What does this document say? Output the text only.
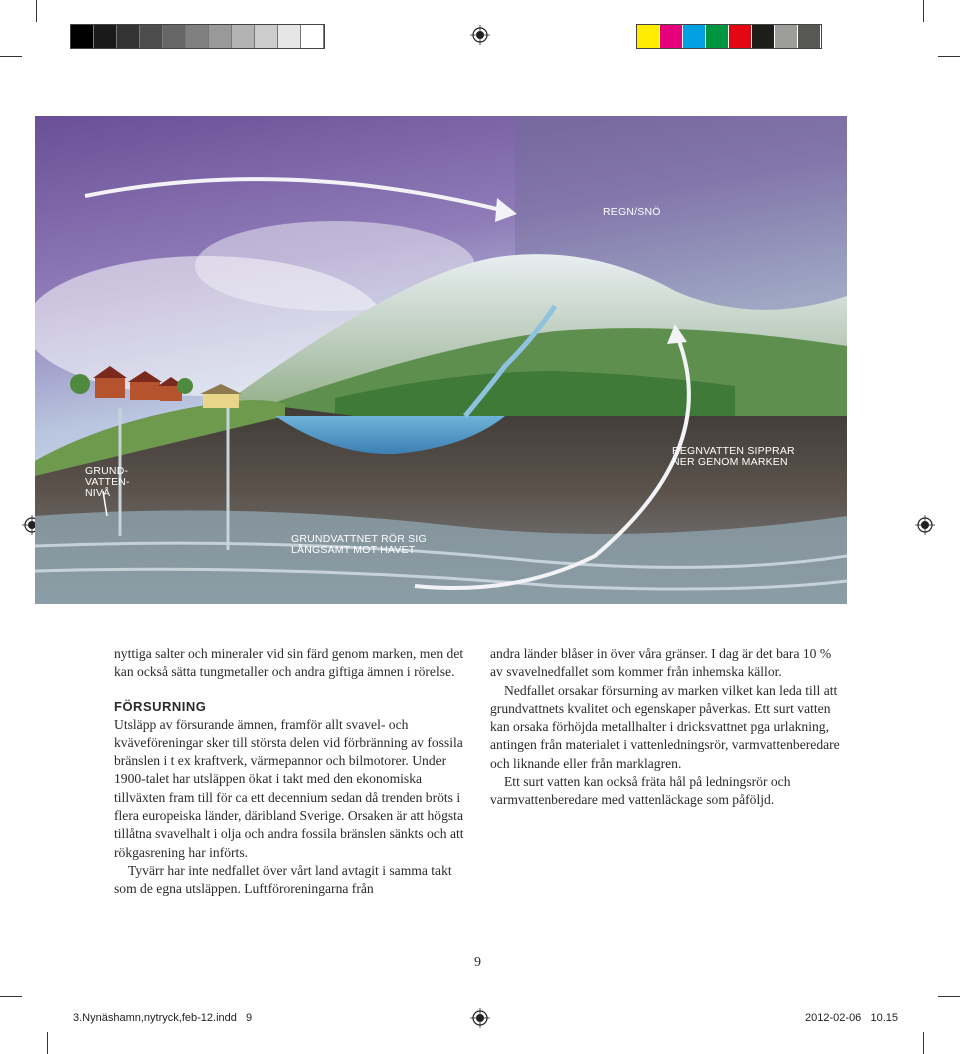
REGN/SNÖ
GRUND-
VATTEN-
NIVÅ
REGNVATTEN SIPPRAR
NER GENOM MARKEN
GRUNDVATTNET RÖR SIG
LÅNGSAMT MOT HAVET

nyttiga salter och mineraler vid sin färd genom marken, men det kan också sätta tungmetaller och andra giftiga ämnen i rörelse.

FÖRSURNING

Utsläpp av försurande ämnen, framför allt svavel- och kväveföreningar sker till största delen vid förbränning av fossila bränslen i t ex kraftverk, värmepannor och bilmotorer. Under 1900-talet har utsläppen ökat i takt med den ekonomiska tillväxten fram till för ca ett decennium sedan då trenden bröts i flera europeiska länder, däribland Sverige. Orsaken är att högsta tillåtna svavelhalt i olja och andra fossila bränslen sänkts och att rökgasrening har införts.

Tyvärr har inte nedfallet över vårt land avtagit i samma takt som de egna utsläppen. Luftföroreningarna från

andra länder blåser in över våra gränser. I dag är det bara 10 % av svavelnedfallet som kommer från inhemska källor.

Nedfallet orsakar försurning av marken vilket kan leda till att grundvattnets kvalitet och egenskaper påverkas. Ett surt vatten kan orsaka förhöjda metallhalter i dricksvattnet pga urlakning, antingen från materialet i vattenledningsrör, varmvattenberedare och liknande eller från marklagren.

Ett surt vatten kan också fräta hål på ledningsrör och varmvattenberedare med vattenläckage som påföljd.

9
3.Nynäshamn,nytryck,feb-12.indd   9	2012-02-06   10.15
